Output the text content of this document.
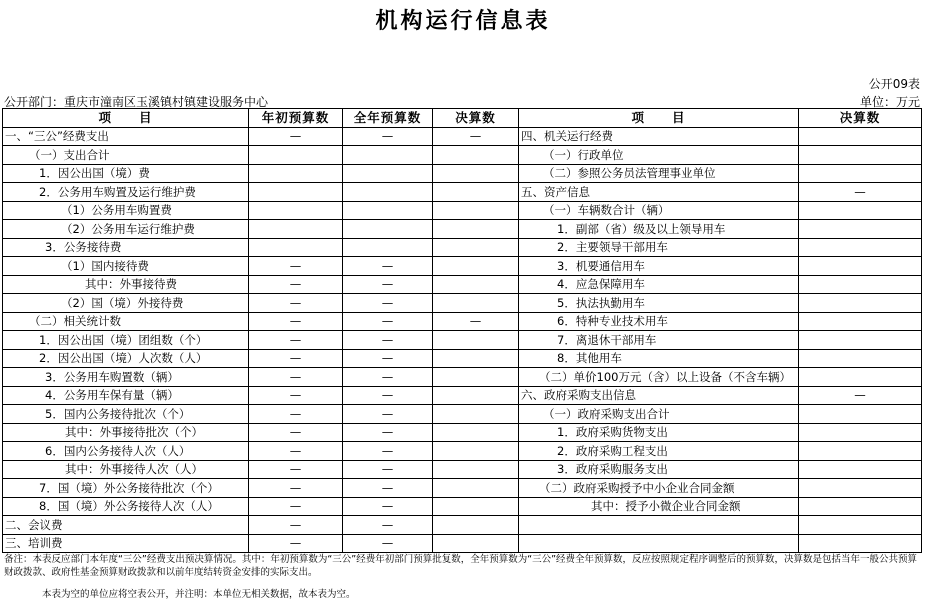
机构运行信息表
公开09表
公开部门：重庆市潼南区玉溪镇村镇建设服务中心	单位：万元
项　　目	年初预算数	全年预算数	决算数	项　　目	决算数
一、“三公”经费支出	—	—	—	四、机关运行经费	
（一）支出合计				（一）行政单位	
1．因公出国（境）费				（二）参照公务员法管理事业单位	
2．公务用车购置及运行维护费				五、资产信息	—
（1）公务用车购置费				（一）车辆数合计（辆）	
（2）公务用车运行维护费				1．副部（省）级及以上领导用车	
3．公务接待费				2．主要领导干部用车	
（1）国内接待费	—	—		3．机要通信用车	
其中：外事接待费	—	—		4．应急保障用车	
（2）国（境）外接待费	—	—		5．执法执勤用车	
（二）相关统计数	—	—	—	6．特种专业技术用车	
1．因公出国（境）团组数（个）	—	—		7．离退休干部用车	
2．因公出国（境）人次数（人）	—	—		8．其他用车	
3．公务用车购置数（辆）	—	—		（二）单价100万元（含）以上设备（不含车辆）	
4．公务用车保有量（辆）	—	—		六、政府采购支出信息	—
5．国内公务接待批次（个）	—	—		（一）政府采购支出合计	
其中：外事接待批次（个）	—	—		1．政府采购货物支出	
6．国内公务接待人次（人）	—	—		2．政府采购工程支出	
其中：外事接待人次（人）	—	—		3．政府采购服务支出	
7．国（境）外公务接待批次（个）	—	—		（二）政府采购授予中小企业合同金额	
8．国（境）外公务接待人次（人）	—	—		其中：授予小微企业合同金额	
二、会议费	—	—			
三、培训费	—	—			
备注：本表反应部门本年度“三公”经费支出预决算情况。其中：年初预算数为“三公”经费年初部门预算批复数，全年预算数为“三公”经费全年预算数，反应按照规定程序调整后的预算数，决算数是包括当年一般公共预算财政拨款、政府性基金预算财政拨款和以前年度结转资金安排的实际支出。
本表为空的单位应将空表公开，并注明：本单位无相关数据，故本表为空。
